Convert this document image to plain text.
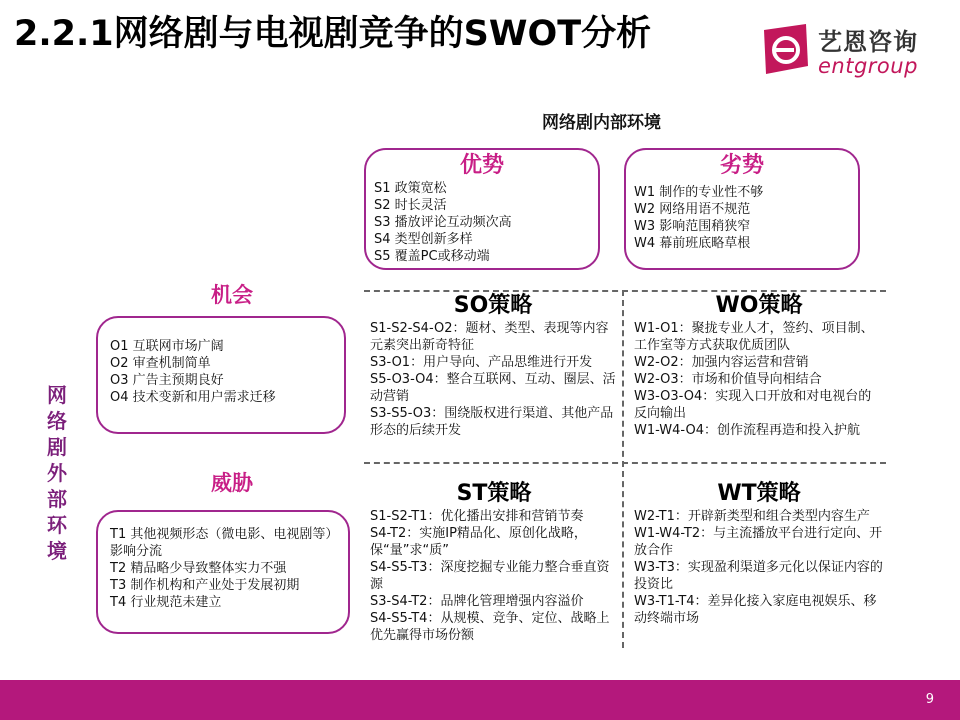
2.2.1网络剧与电视剧竞争的SWOT分析	艺恩咨询
entgroup
网络剧内部环境
网络剧外部环境
优势
S1 政策宽松
S2 时长灵活
S3 播放评论互动频次高
S4 类型创新多样
S5 覆盖PC或移动端
劣势
W1 制作的专业性不够
W2 网络用语不规范
W3 影响范围稍狭窄
W4 幕前班底略草根
机会
O1 互联网市场广阔
O2 审查机制简单
O3 广告主预期良好
O4 技术变新和用户需求迁移
威胁
T1 其他视频形态（微电影、电视剧等）影响分流
T2 精品略少导致整体实力不强
T3 制作机构和产业处于发展初期
T4 行业规范未建立
SO策略
S1-S2-S4-O2：题材、类型、表现等内容元素突出新奇特征
S3-O1：用户导向、产品思维进行开发
S5-O3-O4：整合互联网、互动、圈层、活动营销
S3-S5-O3：围绕版权进行渠道、其他产品形态的后续开发
WO策略
W1-O1：聚拢专业人才，签约、项目制、工作室等方式获取优质团队
W2-O2：加强内容运营和营销
W2-O3：市场和价值导向相结合
W3-O3-O4：实现入口开放和对电视台的反向输出
W1-W4-O4：创作流程再造和投入护航
ST策略
S1-S2-T1：优化播出安排和营销节奏
S4-T2：实施IP精品化、原创化战略，保“量”求“质”
S4-S5-T3：深度挖掘专业能力整合垂直资源
S3-S4-T2：品牌化管理增强内容溢价
S4-S5-T4：从规模、竞争、定位、战略上优先赢得市场份额
WT策略
W2-T1：开辟新类型和组合类型内容生产
W1-W4-T2：与主流播放平台进行定向、开放合作
W3-T3：实现盈利渠道多元化以保证内容的投资比
W3-T1-T4：差异化接入家庭电视娱乐、移动终端市场
9
